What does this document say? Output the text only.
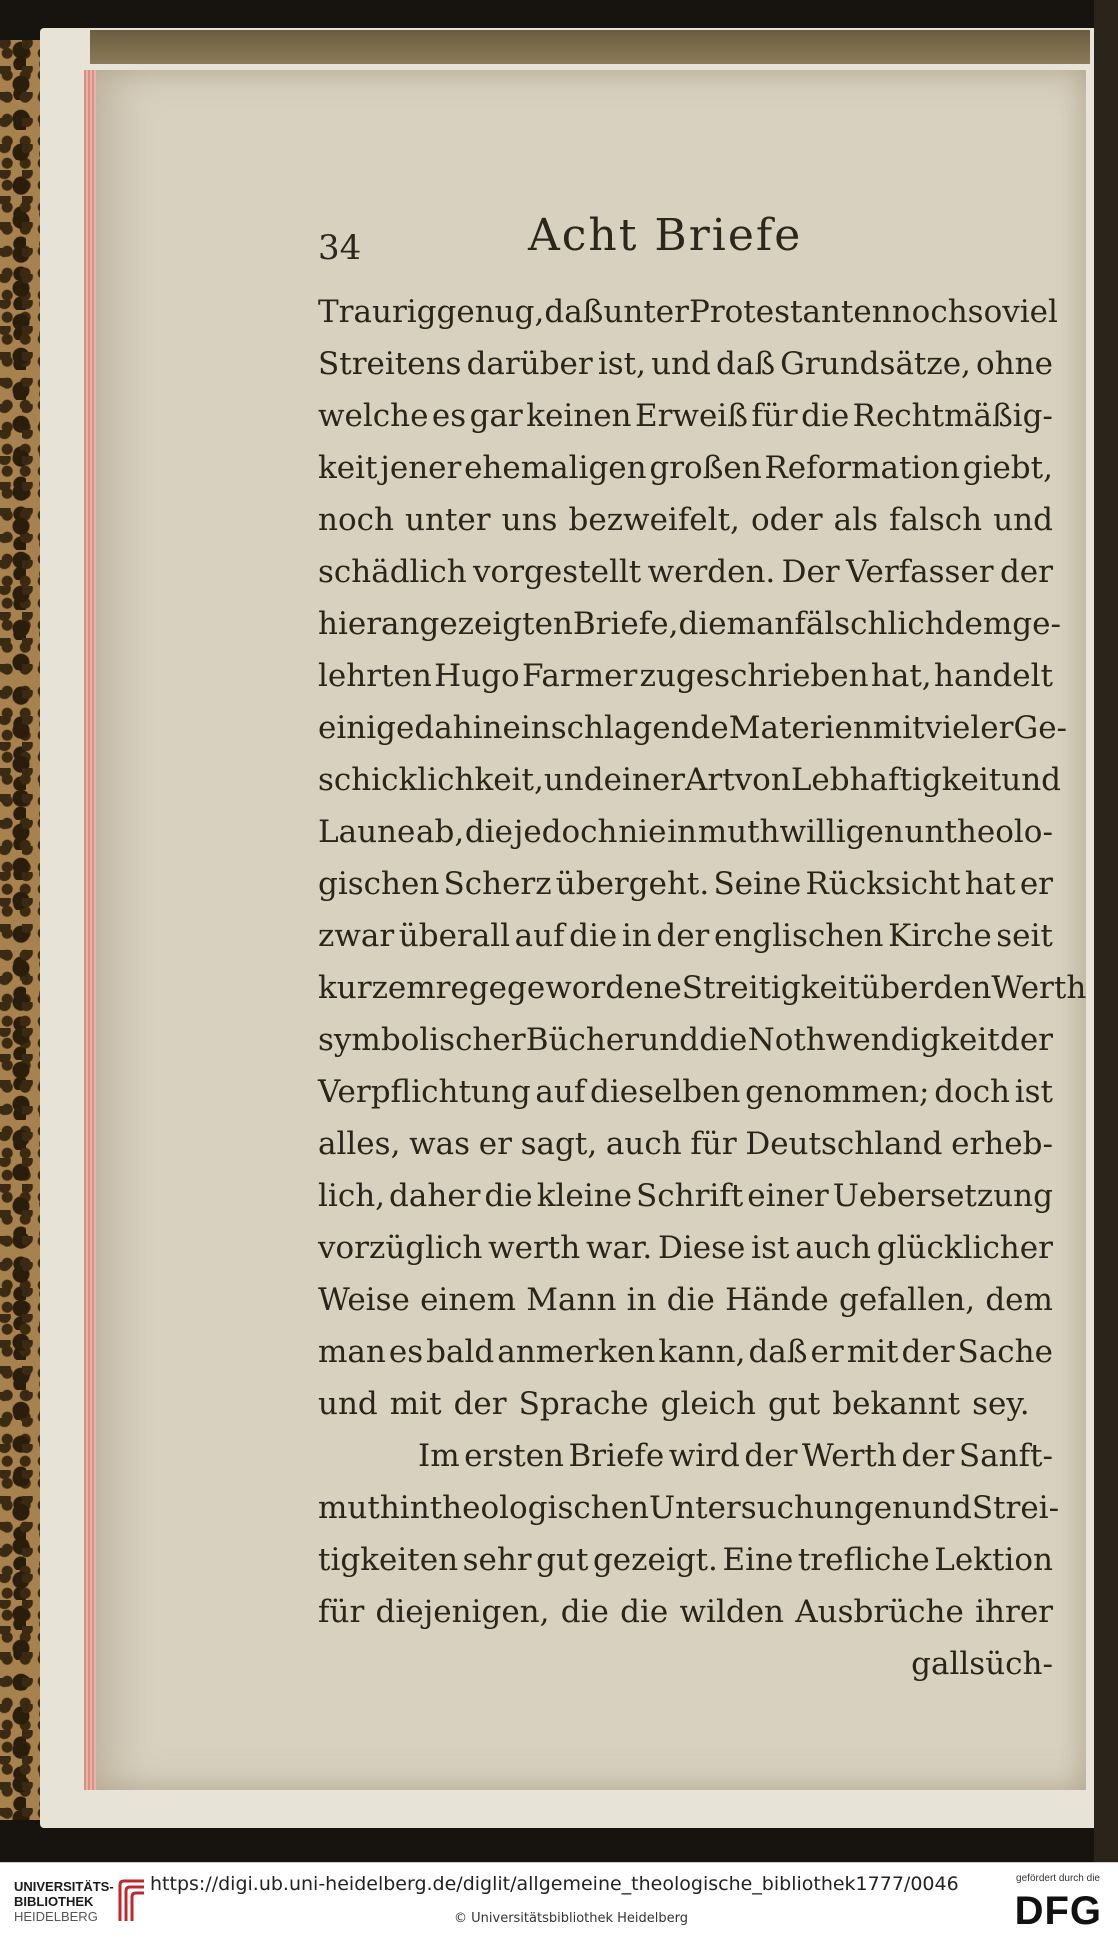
34	Acht Briefe
Traurig genug, daß unter Protestanten noch so viel
Streitens darüber ist, und daß Grundsätze, ohne
welche es gar keinen Erweiß für die Rechtmäßig-
keit jener ehemaligen großen Reformation giebt,
noch unter uns bezweifelt, oder als falsch und
schädlich vorgestellt werden. Der Verfasser der
hier angezeigten Briefe, die man fälschlich dem ge-
lehrten Hugo Farmer zugeschrieben hat, handelt
einige dahin einschlagende Materien mit vieler Ge-
schicklichkeit, und einer Art von Lebhaftigkeit und
Laune ab, die jedoch nie in muthwilligen untheolo-
gischen Scherz übergeht. Seine Rücksicht hat er
zwar überall auf die in der englischen Kirche seit
kurzem rege gewordene Streitigkeit über den Werth
symbolischer Bücher und die Nothwendigkeit der
Verpflichtung auf dieselben genommen; doch ist
alles, was er sagt, auch für Deutschland erheb-
lich, daher die kleine Schrift einer Uebersetzung
vorzüglich werth war. Diese ist auch glücklicher
Weise einem Mann in die Hände gefallen, dem
man es bald anmerken kann, daß er mit der Sache
und mit der Sprache gleich gut bekannt sey.
Im ersten Briefe wird der Werth der Sanft-
muth in theologischen Untersuchungen und Strei-
tigkeiten sehr gut gezeigt. Eine trefliche Lektion
für diejenigen, die die wilden Ausbrüche ihrer
gallsüch-
UNIVERSITÄTS-
BIBLIOTHEK
HEIDELBERG
https://digi.ub.uni-heidelberg.de/diglit/allgemeine_theologische_bibliothek1777/0046
© Universitätsbibliothek Heidelberg
gefördert durch die
DFG
